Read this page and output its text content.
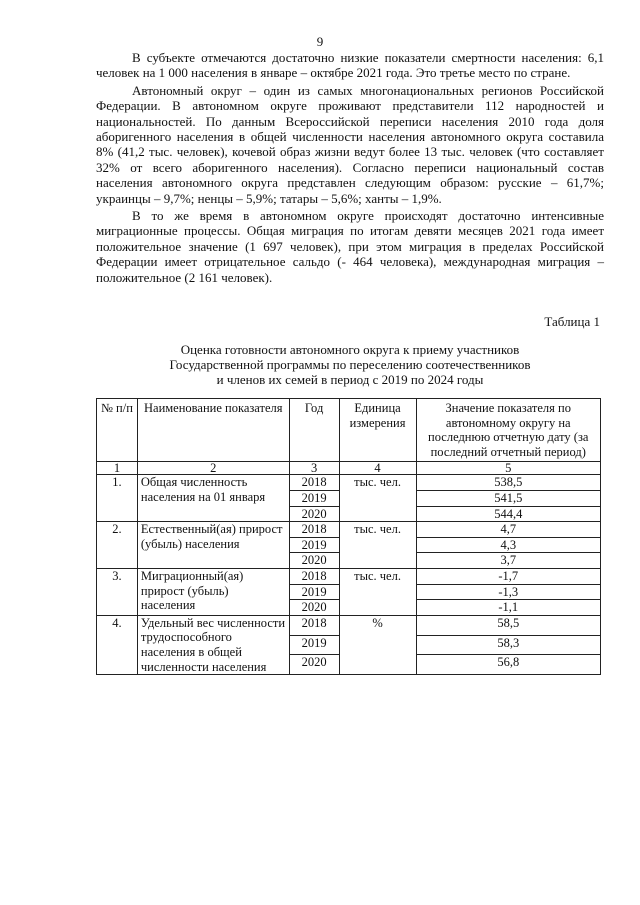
9

В субъекте отмечаются достаточно низкие показатели смертности населения: 6,1 человек на 1 000 населения в январе – октябре 2021 года. Это третье место по стране.

Автономный округ – один из самых многонациональных регионов Российской Федерации. В автономном округе проживают представители 112 народностей и национальностей. По данным Всероссийской переписи населения 2010 года доля аборигенного населения в общей численности населения автономного округа составила 8% (41,2 тыс. человек), кочевой образ жизни ведут более 13 тыс. человек (что составляет 32% от всего аборигенного населения). Согласно переписи национальный состав населения автономного округа представлен следующим образом: русские – 61,7%; украинцы – 9,7%; ненцы – 5,9%; татары – 5,6%; ханты – 1,9%.

В то же время в автономном округе происходят достаточно интенсивные миграционные процессы. Общая миграция по итогам девяти месяцев 2021 года имеет положительное значение (1 697 человек), при этом миграция в пределах Российской Федерации имеет отрицательное сальдо (- 464 человека), международная миграция – положительное (2 161 человек).

Таблица 1
Оценка готовности автономного округа к приему участников
Государственной программы по переселению соотечественников
и членов их семей в период с 2019 по 2024 годы
№ п/п	Наименование показателя	Год	Единица измерения	Значение показателя по автономному округу на последнюю отчетную дату (за последний отчетный период)
1	2	3	4	5
1.	Общая численность населения на 01 января	2018	тыс. чел.	538,5
		2019		541,5
		2020		544,4
2.	Естественный(ая) прирост (убыль) населения	2018	тыс. чел.	4,7
		2019		4,3
		2020		3,7
3.	Миграционный(ая) прирост (убыль) населения	2018	тыс. чел.	-1,7
		2019		-1,3
		2020		-1,1
4.	Удельный вес численности трудоспособного населения в общей численности населения	2018	%	58,5
		2019		58,3
		2020		56,8
